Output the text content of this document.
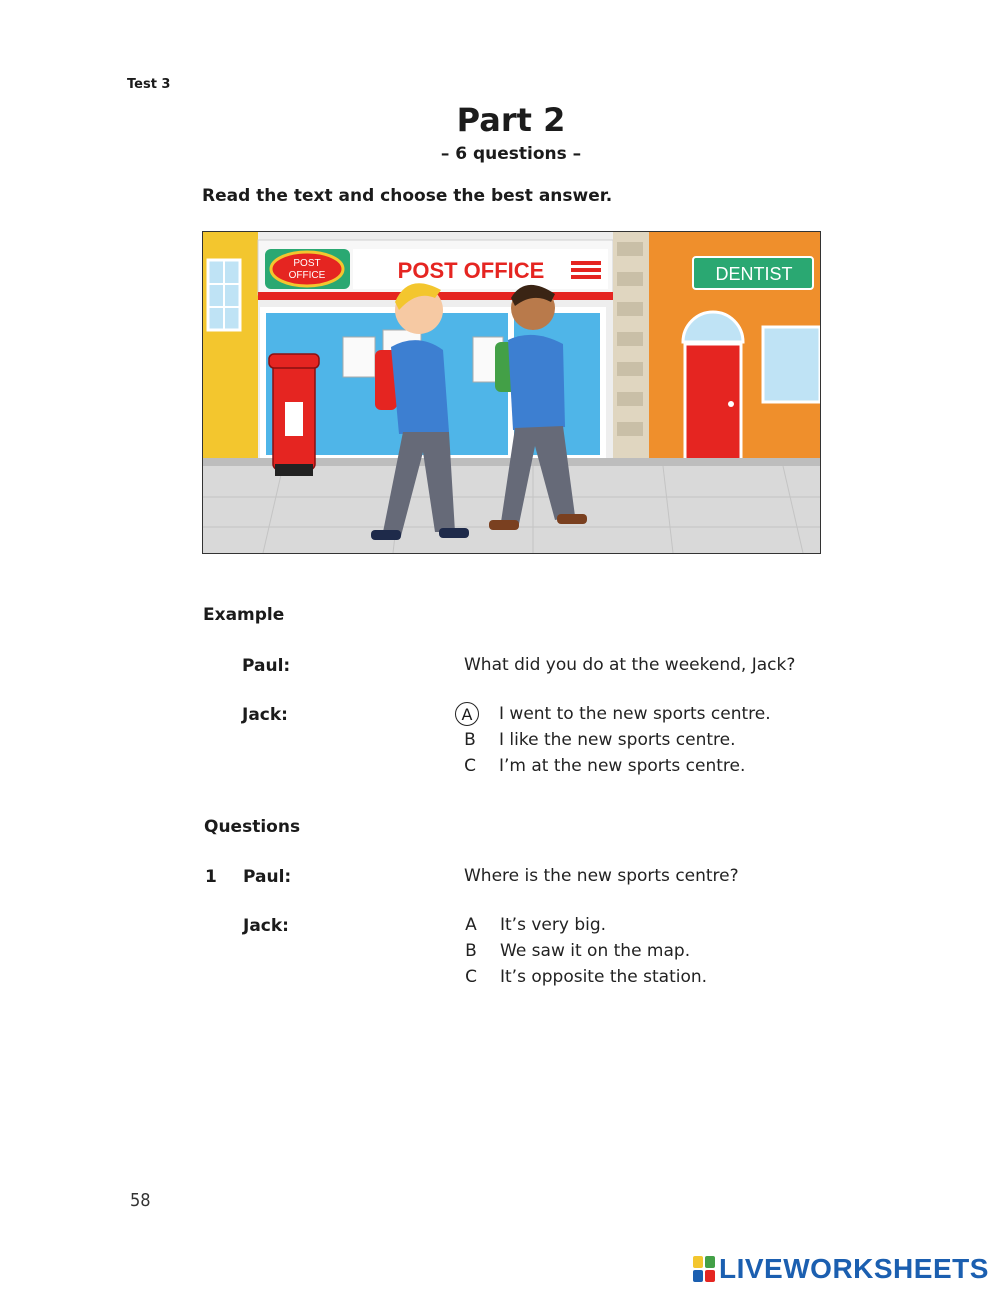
Test 3
Part 2
– 6 questions –
Read the text and choose the best answer.
POST
OFFICE	POST OFFICE	DENTIST
Example
Paul:	What did you do at the weekend, Jack?
Jack:	A	I went to the new sports centre.
B	I like the new sports centre.
C	I’m at the new sports centre.
Questions
1 Paul:	Where is the new sports centre?
Jack:	A	It’s very big.
B	We saw it on the map.
C	It’s opposite the station.
58
LIVEWORKSHEETS
